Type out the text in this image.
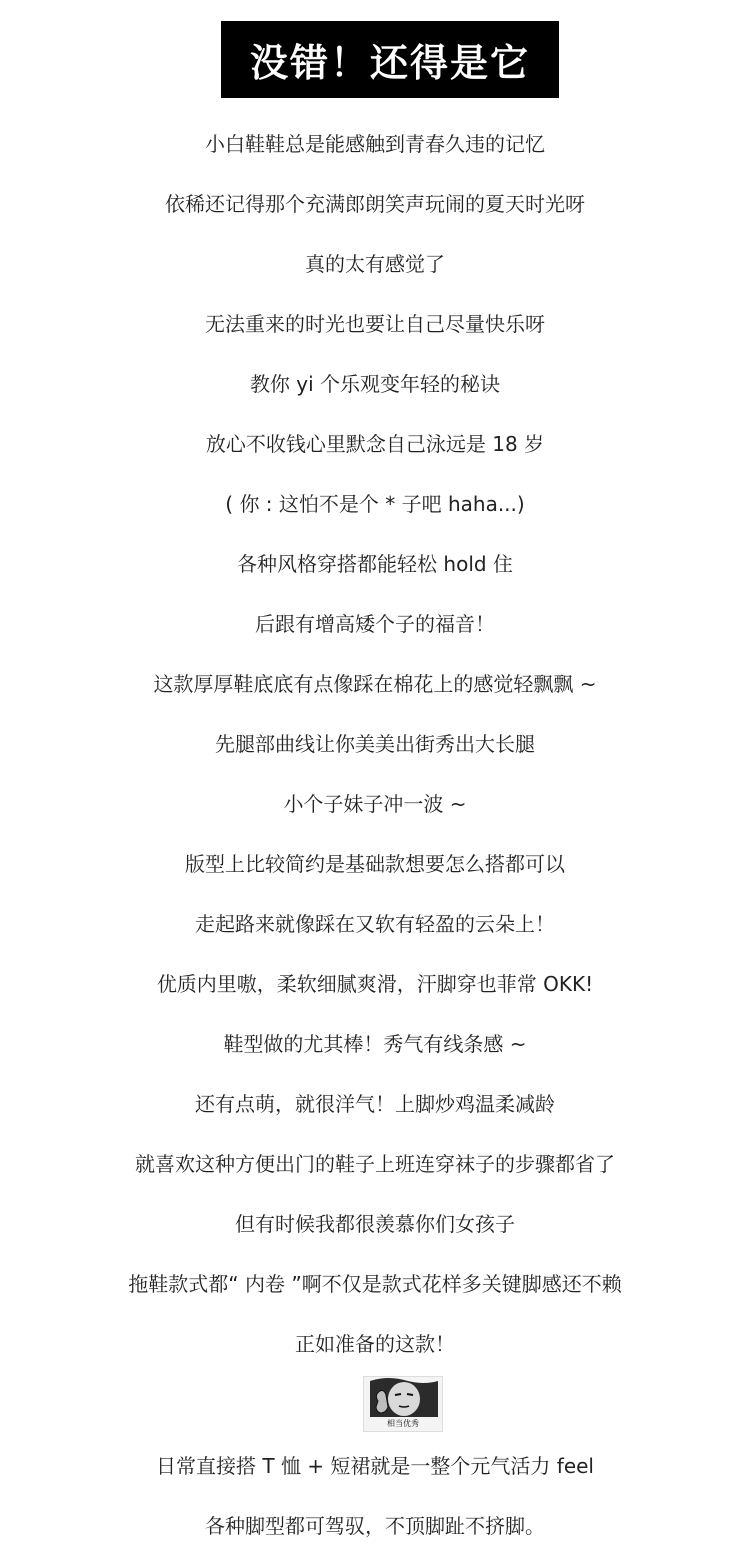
没错！还得是它
小白鞋鞋总是能感触到青春久违的记忆
依稀还记得那个充满郎朗笑声玩闹的夏天时光呀
真的太有感觉了
无法重来的时光也要让自己尽量快乐呀
教你 yi 个乐观变年轻的秘诀
放心不收钱心里默念自己泳远是 18 岁
( 你 : 这怕不是个 * 子吧 haha...)
各种风格穿搭都能轻松 hold 住
后跟有增高矮个子的福音！
这款厚厚鞋底底有点像踩在棉花上的感觉轻飘飘 ~
先腿部曲线让你美美出街秀出大长腿
小个子妹子冲一波 ~
版型上比较简约是基础款想要怎么搭都可以
走起路来就像踩在又软有轻盈的云朵上！
优质内里嗷，柔软细腻爽滑，汗脚穿也菲常 OKK!
鞋型做的尤其棒！秀气有线条感 ~
还有点萌，就很洋气！上脚炒鸡温柔减龄
就喜欢这种方便出门的鞋子上班连穿袜子的步骤都省了
但有时候我都很羡慕你们女孩子
拖鞋款式都“ 内卷 ”啊不仅是款式花样多关键脚感还不赖
正如准备的这款！
相当优秀
日常直接搭 T 恤 + 短裙就是一整个元气活力 feel
各种脚型都可驾驭，不顶脚趾不挤脚。
